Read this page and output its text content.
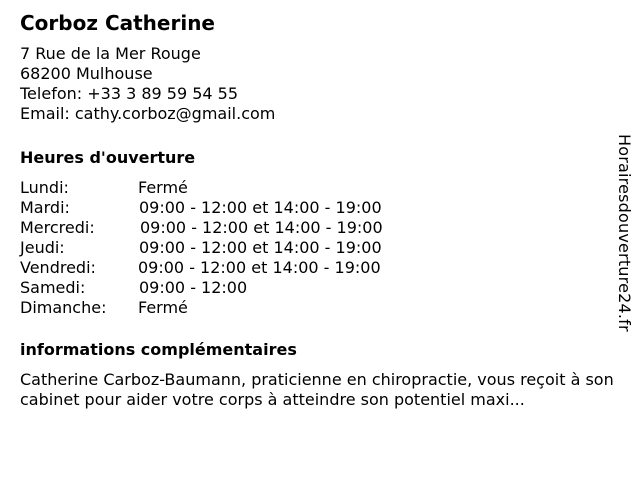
Corboz Catherine
7 Rue de la Mer Rouge
68200 Mulhouse
Telefon: +33 3 89 59 54 55
Email: cathy.corboz@gmail.com
Heures d'ouverture
Lundi:	Fermé
Mardi:	09:00 - 12:00 et 14:00 - 19:00
Mercredi:	09:00 - 12:00 et 14:00 - 19:00
Jeudi:	09:00 - 12:00 et 14:00 - 19:00
Vendredi:	09:00 - 12:00 et 14:00 - 19:00
Samedi:	09:00 - 12:00
Dimanche: Fermé
informations complémentaires
Catherine Carboz-Baumann, praticienne en chiropractie, vous reçoit à son cabinet pour aider votre corps à atteindre son potentiel maxi...
Horairesdouverture24.fr
